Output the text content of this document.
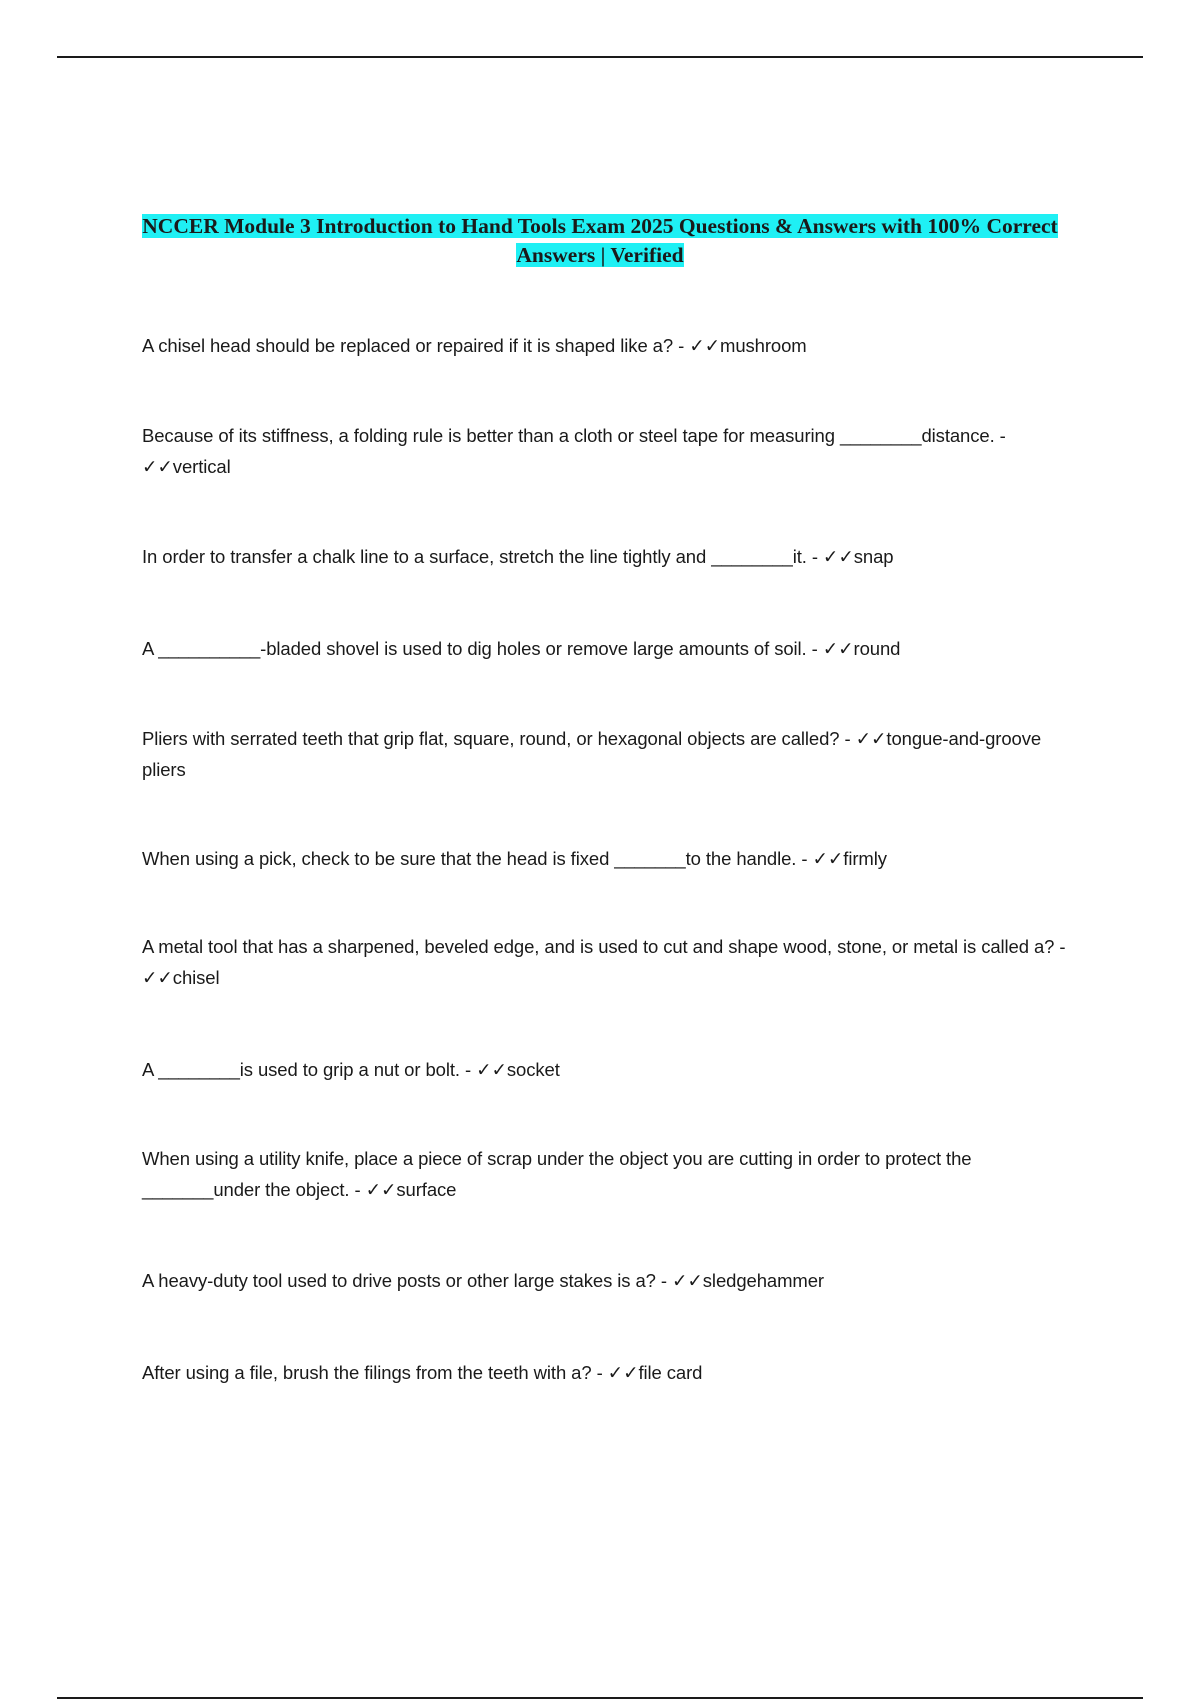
NCCER Module 3 Introduction to Hand Tools Exam 2025 Questions & Answers with 100% Correct Answers | Verified

A chisel head should be replaced or repaired if it is shaped like a? - ✓✓mushroom

Because of its stiffness, a folding rule is better than a cloth or steel tape for measuring ________distance. - ✓✓vertical

In order to transfer a chalk line to a surface, stretch the line tightly and ________it. - ✓✓snap

A __________-bladed shovel is used to dig holes or remove large amounts of soil. - ✓✓round

Pliers with serrated teeth that grip flat, square, round, or hexagonal objects are called? - ✓✓tongue-and-groove pliers

When using a pick, check to be sure that the head is fixed _______to the handle. - ✓✓firmly

A metal tool that has a sharpened, beveled edge, and is used to cut and shape wood, stone, or metal is called a? - ✓✓chisel

A ________is used to grip a nut or bolt. - ✓✓socket

When using a utility knife, place a piece of scrap under the object you are cutting in order to protect the _______under the object. - ✓✓surface

A heavy-duty tool used to drive posts or other large stakes is a? - ✓✓sledgehammer

After using a file, brush the filings from the teeth with a? - ✓✓file card
